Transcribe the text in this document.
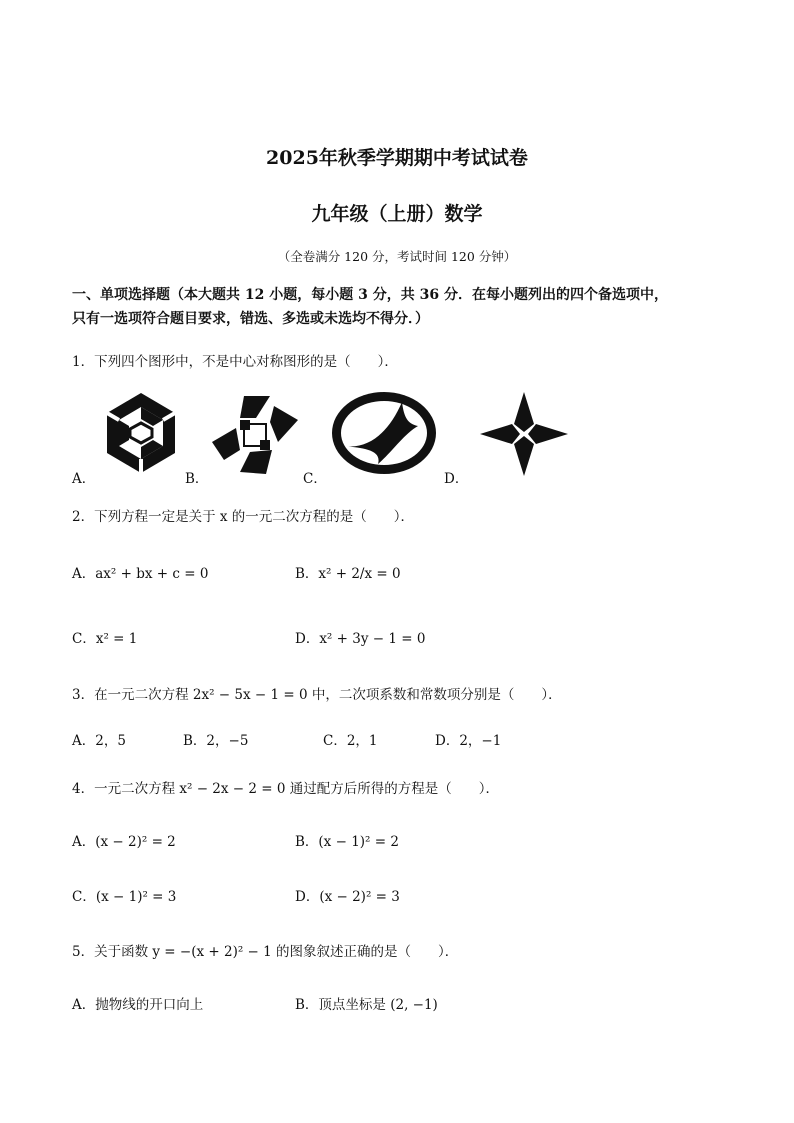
2025年秋季学期期中考试试卷
九年级（上册）数学
（全卷满分 120 分，考试时间 120 分钟）
一、单项选择题（本大题共 12 小题，每小题 3 分，共 36 分．在每小题列出的四个备选项中，
只有一选项符合题目要求，错选、多选或未选均不得分．）
1．下列四个图形中，不是中心对称图形的是（　　）．
A．	B．	C．	D．
2．下列方程一定是关于 x 的一元二次方程的是（　　）．
A．ax² + bx + c = 0	B．x² + 2/x = 0
C．x² = 1	D．x² + 3y − 1 = 0
3．在一元二次方程 2x² − 5x − 1 = 0 中，二次项系数和常数项分别是（　　）．
A．2，5	B．2，−5	C．2，1	D．2，−1
4．一元二次方程 x² − 2x − 2 = 0 通过配方后所得的方程是（　　）．
A．(x − 2)² = 2	B．(x − 1)² = 2
C．(x − 1)² = 3	D．(x − 2)² = 3
5．关于函数 y = −(x + 2)² − 1 的图象叙述正确的是（　　）．
A．抛物线的开口向上	B．顶点坐标是 (2, −1)
